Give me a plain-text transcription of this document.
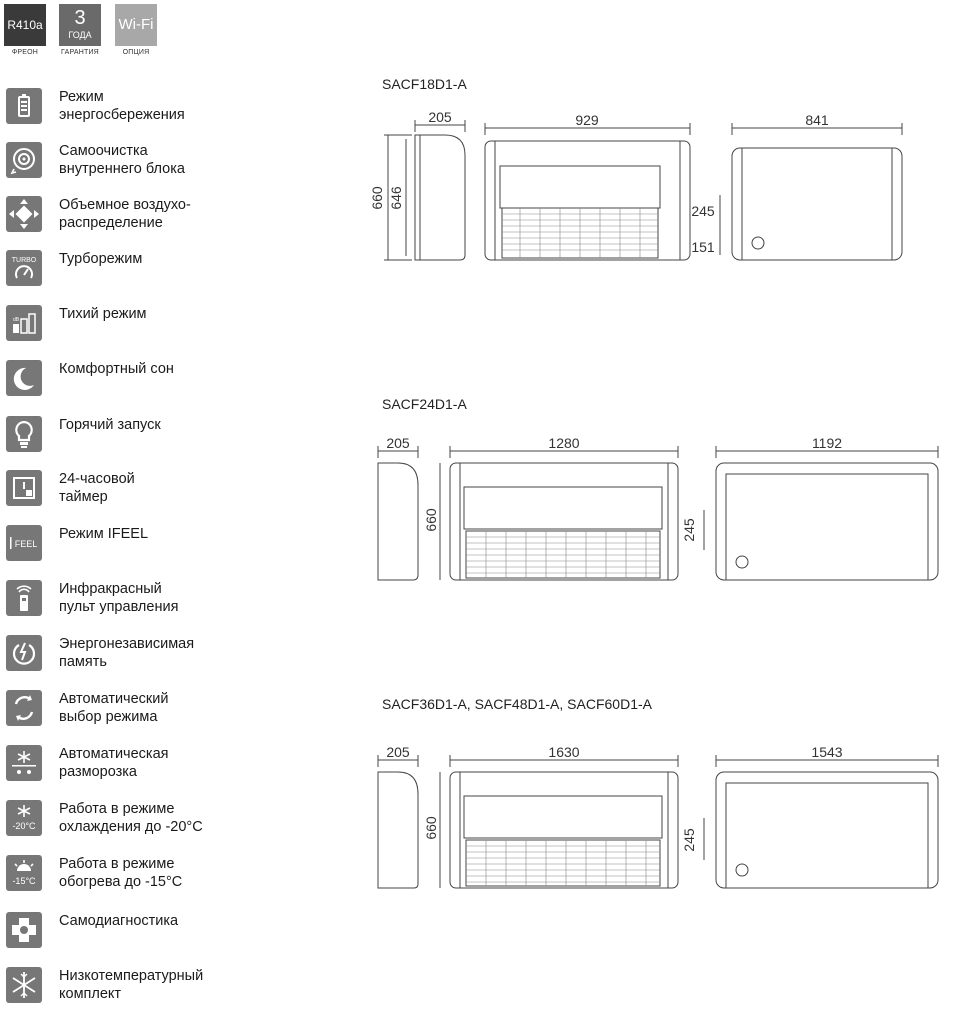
R410a
ФРЕОН
3
ГОДА
ГАРАНТИЯ
Wi-Fi
ОПЦИЯ
Режим
энергосбережения
Самоочистка
внутреннего блока
Объемное воздухо-
распределение
TURBO Турборежим
dB	Тихий режим
Комфортный сон
Горячий запуск
24-часовой
таймер
FEEL
Режим IFEEL
Инфракрасный
пульт управления
Энергонезависимая
память
Автоматический
выбор режима
Автоматическая
разморозка
-20°C
Работа в режиме
охлаждения до -20°C
-15°C
Работа в режиме
обогрева до -15°C
Самодиагностика
Низкотемпературный
комплект
SACF18D1-A
205	929	841
660 646
245
151
SACF24D1-A
205	1280	1192
660	245
SACF36D1-A, SACF48D1-A, SACF60D1-A
205	1630	1543
660
245
